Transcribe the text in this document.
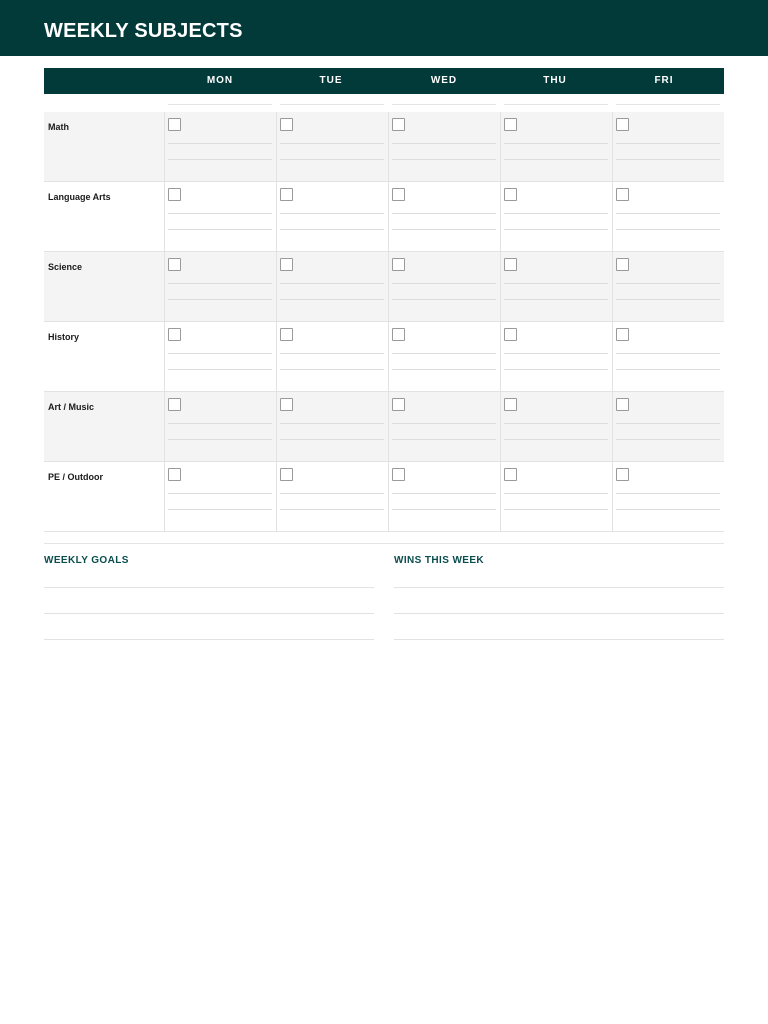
WEEKLY SUBJECTS
MON	TUE	WED	THU	FRI
Math
Language Arts
Science
History
Art / Music
PE / Outdoor
WEEKLY GOALS	WINS THIS WEEK
